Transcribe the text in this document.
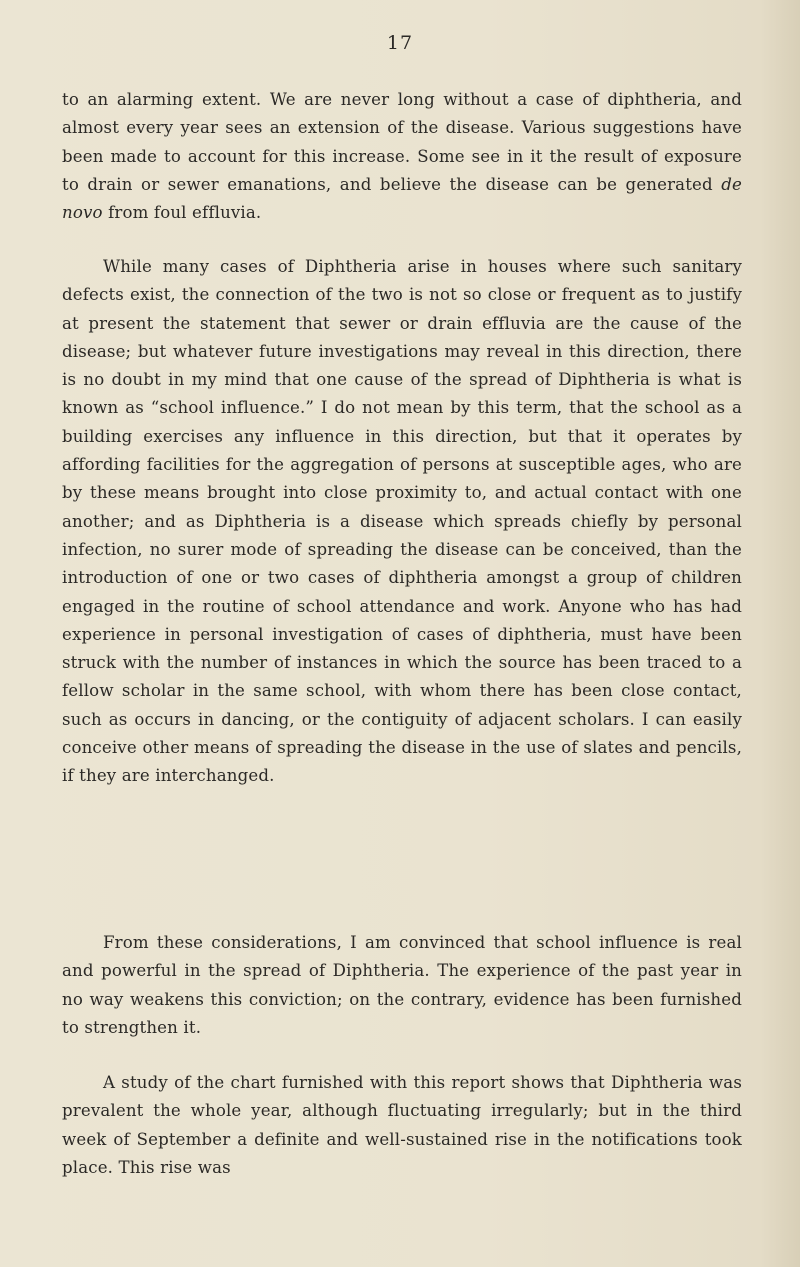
17

to an alarming extent. We are never long without a case of diphtheria, and almost every year sees an extension of the disease. Various suggestions have been made to account for this increase. Some see in it the result of exposure to drain or sewer emanations, and believe the disease can be generated de novo from foul effluvia.

While many cases of Diphtheria arise in houses where such sanitary defects exist, the connection of the two is not so close or frequent as to justify at present the statement that sewer or drain effluvia are the cause of the disease; but whatever future investigations may reveal in this direction, there is no doubt in my mind that one cause of the spread of Diphtheria is what is known as “school influence.” I do not mean by this term, that the school as a building exercises any influence in this direction, but that it operates by affording facilities for the aggregation of persons at susceptible ages, who are by these means brought into close proximity to, and actual contact with one another; and as Diphtheria is a disease which spreads chiefly by personal infection, no surer mode of spreading the disease can be conceived, than the introduction of one or two cases of diphtheria amongst a group of children engaged in the routine of school attendance and work. Anyone who has had experience in personal investigation of cases of diphtheria, must have been struck with the number of instances in which the source has been traced to a fellow scholar in the same school, with whom there has been close contact, such as occurs in dancing, or the contiguity of adjacent scholars. I can easily conceive other means of spreading the disease in the use of slates and pencils, if they are interchanged.

From these considerations, I am convinced that school influence is real and powerful in the spread of Diphtheria. The experience of the past year in no way weakens this conviction; on the contrary, evidence has been furnished to strengthen it.

A study of the chart furnished with this report shows that Diphtheria was prevalent the whole year, although fluctuating irregularly; but in the third week of September a definite and well-sustained rise in the notifications took place. This rise was
